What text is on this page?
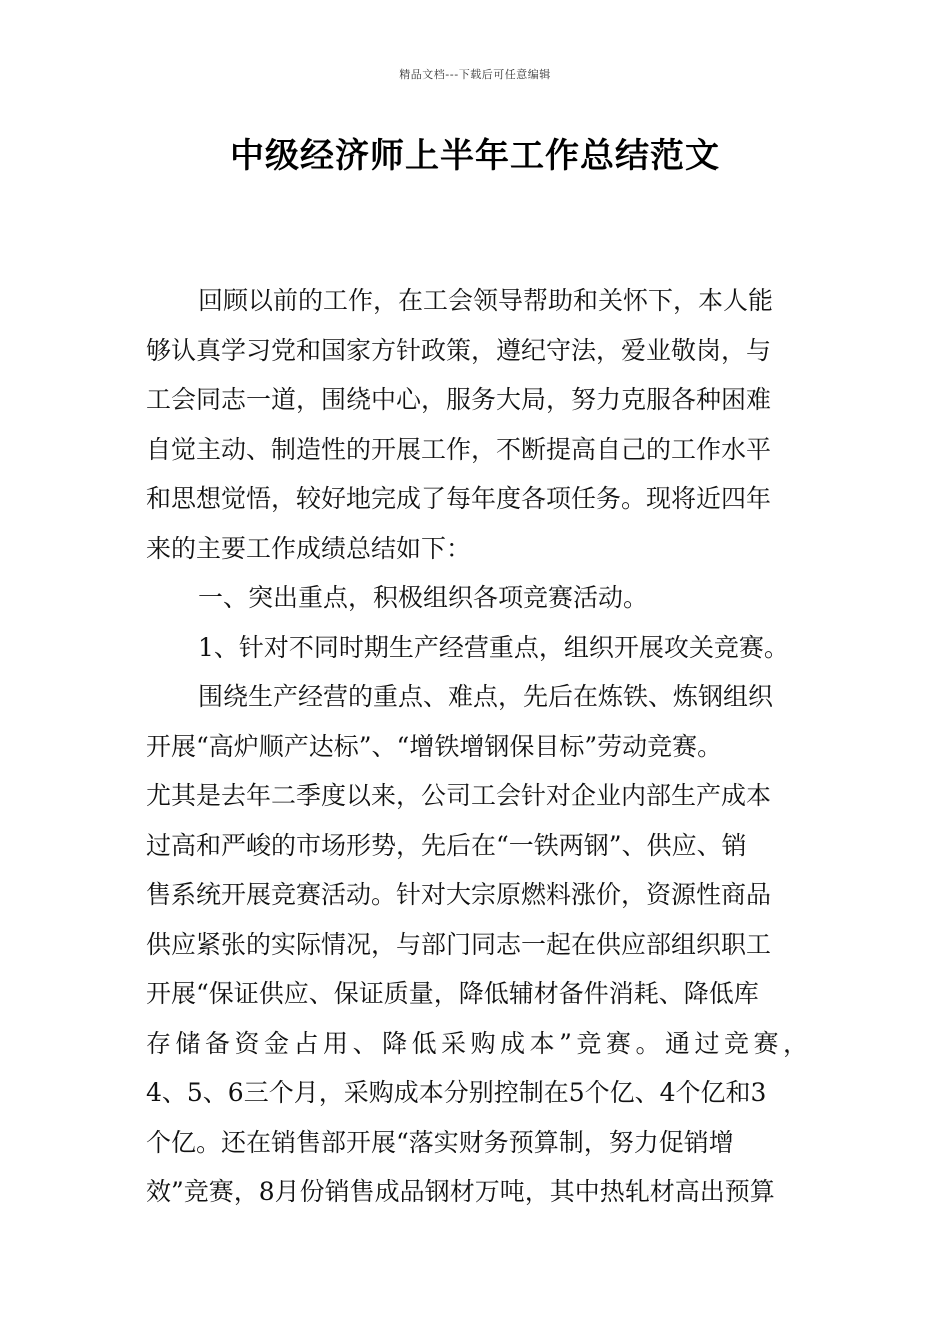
精品文档---下载后可任意编辑
中级经济师上半年工作总结范文
回顾以前的工作，在工会领导帮助和关怀下，本人能
够认真学习党和国家方针政策，遵纪守法，爱业敬岗，与
工会同志一道，围绕中心，服务大局，努力克服各种困难
自觉主动、制造性的开展工作，不断提高自己的工作水平
和思想觉悟，较好地完成了每年度各项任务。现将近四年
来的主要工作成绩总结如下：
一、突出重点，积极组织各项竞赛活动。
1、针对不同时期生产经营重点，组织开展攻关竞赛。
围绕生产经营的重点、难点，先后在炼铁、炼钢组织
开展“高炉顺产达标”、“增铁增钢保目标”劳动竞赛。
尤其是去年二季度以来，公司工会针对企业内部生产成本
过高和严峻的市场形势，先后在“一铁两钢”、供应、销
售系统开展竞赛活动。针对大宗原燃料涨价，资源性商品
供应紧张的实际情况，与部门同志一起在供应部组织职工
开展“保证供应、保证质量，降低辅材备件消耗、降低库
存储备资金占用、降低采购成本”竞赛。通过竞赛，
4、5、6三个月，采购成本分别控制在5个亿、4个亿和3
个亿。还在销售部开展“落实财务预算制，努力促销增
效”竞赛，8月份销售成品钢材万吨，其中热轧材高出预算
